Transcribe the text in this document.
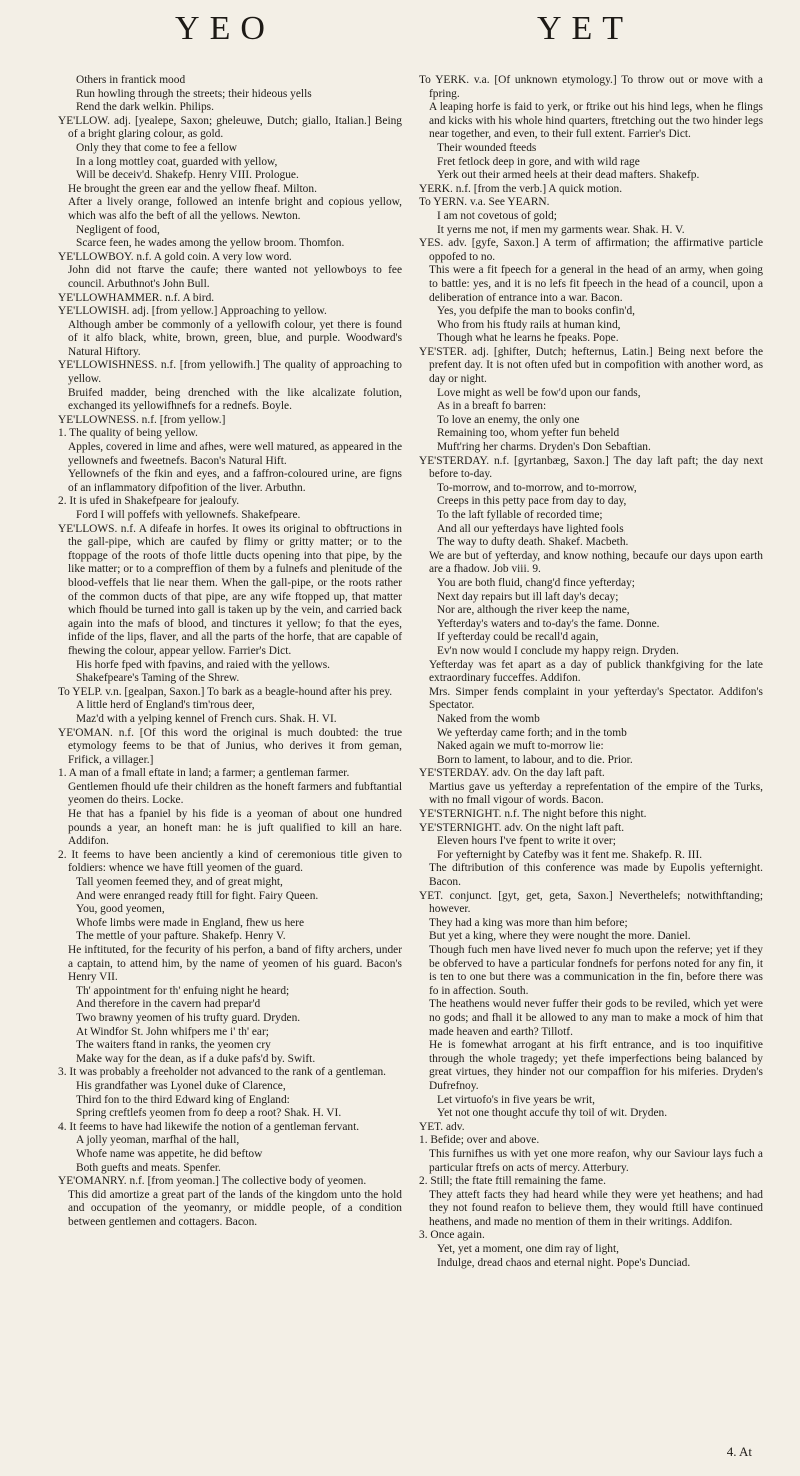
YEO	YET

Others in frantick mood

Run howling through the streets; their hideous yells

Rend the dark welkin. Philips.

YE'LLOW. adj. [yealepe, Saxon; gheleuwe, Dutch; giallo, Italian.] Being of a bright glaring colour, as gold.

Only they that come to fee a fellow

In a long mottley coat, guarded with yellow,

Will be deceiv'd. Shakefp. Henry VIII. Prologue.

He brought the green ear and the yellow fheaf. Milton.

After a lively orange, followed an intenfe bright and copious yellow, which was alfo the beft of all the yellows. Newton.

Negligent of food,

Scarce feen, he wades among the yellow broom. Thomfon.

YE'LLOWBOY. n.f. A gold coin. A very low word.

John did not ftarve the caufe; there wanted not yellowboys to fee council. Arbuthnot's John Bull.

YE'LLOWHAMMER. n.f. A bird.

YE'LLOWISH. adj. [from yellow.] Approaching to yellow.

Although amber be commonly of a yellowifh colour, yet there is found of it alfo black, white, brown, green, blue, and purple. Woodward's Natural Hiftory.

YE'LLOWISHNESS. n.f. [from yellowifh.] The quality of approaching to yellow.

Bruifed madder, being drenched with the like alcalizate folution, exchanged its yellowifhnefs for a rednefs. Boyle.

YE'LLOWNESS. n.f. [from yellow.]

1. The quality of being yellow.

Apples, covered in lime and afhes, were well matured, as appeared in the yellownefs and fweetnefs. Bacon's Natural Hift.

Yellownefs of the fkin and eyes, and a faffron-coloured urine, are figns of an inflammatory difpofition of the liver. Arbuthn.

2. It is ufed in Shakefpeare for jealoufy.

Ford I will poffefs with yellownefs. Shakefpeare.

YE'LLOWS. n.f. A difeafe in horfes. It owes its original to obftructions in the gall-pipe, which are caufed by flimy or gritty matter; or to the ftoppage of the roots of thofe little ducts opening into that pipe, by the like matter; or to a compreffion of them by a fulnefs and plenitude of the blood-veffels that lie near them. When the gall-pipe, or the roots rather of the common ducts of that pipe, are any wife ftopped up, that matter which fhould be turned into gall is taken up by the vein, and carried back again into the mafs of blood, and tinctures it yellow; fo that the eyes, infide of the lips, flaver, and all the parts of the horfe, that are capable of fhewing the colour, appear yellow. Farrier's Dict.

His horfe fped with fpavins, and raied with the yellows.

Shakefpeare's Taming of the Shrew.

To YELP. v.n. [gealpan, Saxon.] To bark as a beagle-hound after his prey.

A little herd of England's tim'rous deer,

Maz'd with a yelping kennel of French curs. Shak. H. VI.

YE'OMAN. n.f. [Of this word the original is much doubted: the true etymology feems to be that of Junius, who derives it from geman, Frifick, a villager.]

1. A man of a fmall eftate in land; a farmer; a gentleman farmer.

Gentlemen fhould ufe their children as the honeft farmers and fubftantial yeomen do theirs. Locke.

He that has a fpaniel by his fide is a yeoman of about one hundred pounds a year, an honeft man: he is juft qualified to kill an hare. Addifon.

2. It feems to have been anciently a kind of ceremonious title given to foldiers: whence we have ftill yeomen of the guard.

Tall yeomen feemed they, and of great might,

And were enranged ready ftill for fight. Fairy Queen.

You, good yeomen,

Whofe limbs were made in England, fhew us here

The mettle of your pafture. Shakefp. Henry V.

He inftituted, for the fecurity of his perfon, a band of fifty archers, under a captain, to attend him, by the name of yeomen of his guard. Bacon's Henry VII.

Th' appointment for th' enfuing night he heard;

And therefore in the cavern had prepar'd

Two brawny yeomen of his trufty guard. Dryden.

At Windfor St. John whifpers me i' th' ear;

The waiters ftand in ranks, the yeomen cry

Make way for the dean, as if a duke pafs'd by. Swift.

3. It was probably a freeholder not advanced to the rank of a gentleman.

His grandfather was Lyonel duke of Clarence,

Third fon to the third Edward king of England:

Spring creftlefs yeomen from fo deep a root? Shak. H. VI.

4. It feems to have had likewife the notion of a gentleman fervant.

A jolly yeoman, marfhal of the hall,

Whofe name was appetite, he did beftow

Both guefts and meats. Spenfer.

YE'OMANRY. n.f. [from yeoman.] The collective body of yeomen.

This did amortize a great part of the lands of the kingdom unto the hold and occupation of the yeomanry, or middle people, of a condition between gentlemen and cottagers. Bacon.

To YERK. v.a. [Of unknown etymology.] To throw out or move with a fpring.

A leaping horfe is faid to yerk, or ftrike out his hind legs, when he flings and kicks with his whole hind quarters, ftretching out the two hinder legs near together, and even, to their full extent. Farrier's Dict.

Their wounded fteeds

Fret fetlock deep in gore, and with wild rage

Yerk out their armed heels at their dead mafters. Shakefp.

YERK. n.f. [from the verb.] A quick motion.

To YERN. v.a. See YEARN.

I am not covetous of gold;

It yerns me not, if men my garments wear. Shak. H. V.

YES. adv. [gyfe, Saxon.] A term of affirmation; the affirmative particle oppofed to no.

This were a fit fpeech for a general in the head of an army, when going to battle: yes, and it is no lefs fit fpeech in the head of a council, upon a deliberation of entrance into a war. Bacon.

Yes, you defpife the man to books confin'd,

Who from his ftudy rails at human kind,

Though what he learns he fpeaks. Pope.

YE'STER. adj. [ghifter, Dutch; hefternus, Latin.] Being next before the prefent day. It is not often ufed but in compofition with another word, as day or night.

Love might as well be fow'd upon our fands,

As in a breaft fo barren:

To love an enemy, the only one

Remaining too, whom yefter fun beheld

Muft'ring her charms. Dryden's Don Sebaftian.

YE'STERDAY. n.f. [gyrtanbæg, Saxon.] The day laft paft; the day next before to-day.

To-morrow, and to-morrow, and to-morrow,

Creeps in this petty pace from day to day,

To the laft fyllable of recorded time;

And all our yefterdays have lighted fools

The way to dufty death. Shakef. Macbeth.

We are but of yefterday, and know nothing, becaufe our days upon earth are a fhadow. Job viii. 9.

You are both fluid, chang'd fince yefterday;

Next day repairs but ill laft day's decay;

Nor are, although the river keep the name,

Yefterday's waters and to-day's the fame. Donne.

If yefterday could be recall'd again,

Ev'n now would I conclude my happy reign. Dryden.

Yefterday was fet apart as a day of publick thankfgiving for the late extraordinary fucceffes. Addifon.

Mrs. Simper fends complaint in your yefterday's Spectator. Addifon's Spectator.

Naked from the womb

We yefterday came forth; and in the tomb

Naked again we muft to-morrow lie:

Born to lament, to labour, and to die. Prior.

YE'STERDAY. adv. On the day laft paft.

Martius gave us yefterday a reprefentation of the empire of the Turks, with no fmall vigour of words. Bacon.

YE'STERNIGHT. n.f. The night before this night.

YE'STERNIGHT. adv. On the night laft paft.

Eleven hours I've fpent to write it over;

For yefternight by Catefby was it fent me. Shakefp. R. III.

The diftribution of this conference was made by Eupolis yefternight. Bacon.

YET. conjunct. [gyt, get, geta, Saxon.] Neverthelefs; notwithftanding; however.

They had a king was more than him before;

But yet a king, where they were nought the more. Daniel.

Though fuch men have lived never fo much upon the referve; yet if they be obferved to have a particular fondnefs for perfons noted for any fin, it is ten to one but there was a communication in the fin, before there was fo in affection. South.

The heathens would never fuffer their gods to be reviled, which yet were no gods; and fhall it be allowed to any man to make a mock of him that made heaven and earth? Tillotf.

He is fomewhat arrogant at his firft entrance, and is too inquifitive through the whole tragedy; yet thefe imperfections being balanced by great virtues, they hinder not our compaffion for his miferies. Dryden's Dufrefnoy.

Let virtuofo's in five years be writ,

Yet not one thought accufe thy toil of wit. Dryden.

YET. adv.

1. Befide; over and above.

This furnifhes us with yet one more reafon, why our Saviour lays fuch a particular ftrefs on acts of mercy. Atterbury.

2. Still; the ftate ftill remaining the fame.

They atteft facts they had heard while they were yet heathens; and had they not found reafon to believe them, they would ftill have continued heathens, and made no mention of them in their writings. Addifon.

3. Once again.

Yet, yet a moment, one dim ray of light,

Indulge, dread chaos and eternal night. Pope's Dunciad.

4. At
